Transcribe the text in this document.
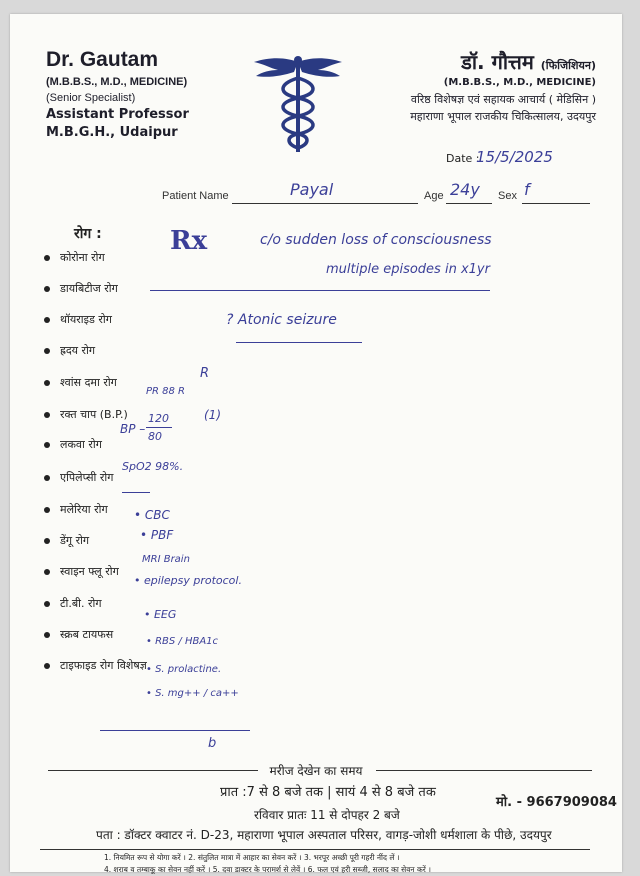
Dr. Gautam
(M.B.B.S., M.D., MEDICINE)
(Senior Specialist)
Assistant Professor
M.B.G.H., Udaipur
डॉ. गौत्तम (फिजिशियन)
(M.B.B.S., M.D., MEDICINE)
वरिष्ठ विशेषज्ञ एवं सहायक आचार्य ( मेडिसिन )
महाराणा भूपाल राजकीय चिकित्सालय, उदयपुर
Date :
15/5/2025
Patient Name	Payal	Age 24y Sex f
रोग :
कोरोना रोग
डायबिटीज रोग
थॉयराइड रोग
ह्रदय रोग
श्वांस दमा रोग
रक्त चाप (B.P.)
लकवा रोग
एपिलेप्सी रोग
मलेरिया रोग
डेंगू रोग
स्वाइन फ्लू रोग
टी.बी. रोग
स्क्रब टायफस
टाइफाइड रोग विशेषज्ञ
Rx	c/o sudden loss of consciousness
multiple episodes in x1yr
? Atonic seizure
R
PR 88 R
BP –
120
80
(1)
SpO2 98%.
• CBC
• PBF
MRI Brain
• epilepsy protocol.
• EEG
• RBS / HBA1c
• S. prolactine.
• S. mg++ / ca++
b
मरीज देखेन का समय
प्रात :7 से 8 बजे तक | सायं 4 से 8 बजे तक
मो. - 9667909084
रविवार प्रातः 11 से दोपहर 2 बजे
पता : डॉक्टर क्वाटर नं. D-23, महाराणा भूपाल अस्पताल परिसर, वागड़-जोशी धर्मशाला के पीछे, उदयपुर
1. नियमित रूप से योगा करें । 2. संतुलित मात्रा में आहार का सेवन करें । 3. भरपूर अच्छी पूरी गहरी नींद लें ।
4. शराब व तम्बाकू का सेवन नहीं करें । 5. दवा डाक्टर के परामर्श से लेवें । 6. फल एवं हरी सब्जी, सलाद का सेवन करें ।
